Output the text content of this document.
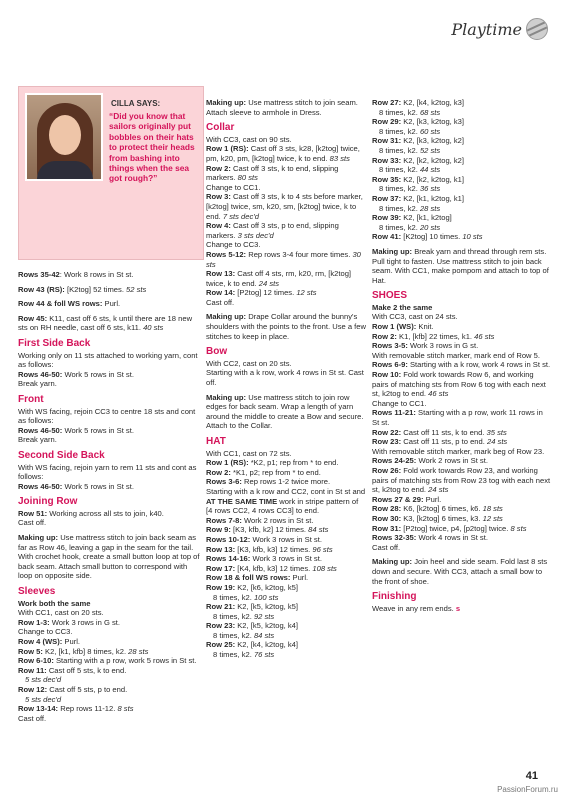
Playtime
CILLA SAYS:
“Did you know that sailors originally put bobbles on their hats to protect their heads from bashing into things when the sea got rough?”

Rows 35-42: Work 8 rows in St st.

Row 43 (RS): [K2tog] 52 times. 52 sts

Row 44 & foll WS rows: Purl.

Row 45: K11, cast off 6 sts, k until there are 18 new sts on RH needle, cast off 6 sts, k11. 40 sts

First Side Back

Working only on 11 sts attached to working yarn, cont as follows:
Rows 46-50: Work 5 rows in St st.
Break yarn.

Front

With WS facing, rejoin CC3 to centre 18 sts and cont as follows:
Rows 46-50: Work 5 rows in St st.
Break yarn.

Second Side Back

With WS facing, rejoin yarn to rem 11 sts and cont as follows:
Rows 46-50: Work 5 rows in St st.

Joining Row

Row 51: Working across all sts to join, k40.
Cast off.

Making up: Use mattress stitch to join back seam as far as Row 46, leaving a gap in the seam for the tail. With crochet hook, create a small button loop at top of back seam. Attach small button to correspond with loop on opposite side.

Sleeves

Work both the same
With CC1, cast on 20 sts.
Row 1-3: Work 3 rows in G st.
Change to CC3.
Row 4 (WS): Purl.
Row 5: K2, [k1, kfb] 8 times, k2. 28 sts
Row 6-10: Starting with a p row, work 5 rows in St st.
Row 11: Cast off 5 sts, k to end.
5 sts dec'd
Row 12: Cast off 5 sts, p to end.
5 sts dec'd
Row 13-14: Rep rows 11-12. 8 sts
Cast off.

Making up: Use mattress stitch to join seam. Attach sleeve to armhole in Dress.

Collar

With CC3, cast on 90 sts.
Row 1 (RS): Cast off 3 sts, k28, [k2tog] twice, pm, k20, pm, [k2tog] twice, k to end. 83 sts
Row 2: Cast off 3 sts, k to end, slipping markers. 80 sts
Change to CC1.
Row 3: Cast off 3 sts, k to 4 sts before marker, [k2tog] twice, sm, k20, sm, [k2tog] twice, k to end. 7 sts dec'd
Row 4: Cast off 3 sts, p to end, slipping markers. 3 sts dec'd
Change to CC3.
Rows 5-12: Rep rows 3-4 four more times. 30 sts
Row 13: Cast off 4 sts, rm, k20, rm, [k2tog] twice, k to end. 24 sts
Row 14: [P2tog] 12 times. 12 sts
Cast off.

Making up: Drape Collar around the bunny's shoulders with the points to the front. Use a few stitches to keep in place.

Bow

With CC2, cast on 20 sts.
Starting with a k row, work 4 rows in St st. Cast off.

Making up: Use mattress stitch to join row edges for back seam. Wrap a length of yarn around the middle to create a Bow and secure. Attach to the Collar.

HAT

With CC1, cast on 72 sts.
Row 1 (RS): *K2, p1; rep from * to end.
Row 2: *K1, p2; rep from * to end.
Rows 3-6: Rep rows 1-2 twice more.
Starting with a k row and CC2, cont in St st and AT THE SAME TIME work in stripe pattern of [4 rows CC2, 4 rows CC3] to end.
Rows 7-8: Work 2 rows in St st.
Row 9: [K3, kfb, k2] 12 times. 84 sts
Rows 10-12: Work 3 rows in St st.
Row 13: [K3, kfb, k3] 12 times. 96 sts
Rows 14-16: Work 3 rows in St st.
Row 17: [K4, kfb, k3] 12 times. 108 sts
Row 18 & foll WS rows: Purl.
Row 19: K2, [k6, k2tog, k5]
8 times, k2. 100 sts
Row 21: K2, [k5, k2tog, k5]
8 times, k2. 92 sts
Row 23: K2, [k5, k2tog, k4]
8 times, k2. 84 sts
Row 25: K2, [k4, k2tog, k4]
8 times, k2. 76 sts

Row 27: K2, [k4, k2tog, k3]
8 times, k2. 68 sts
Row 29: K2, [k3, k2tog, k3]
8 times, k2. 60 sts
Row 31: K2, [k3, k2tog, k2]
8 times, k2. 52 sts
Row 33: K2, [k2, k2tog, k2]
8 times, k2. 44 sts
Row 35: K2, [k2, k2tog, k1]
8 times, k2. 36 sts
Row 37: K2, [k1, k2tog, k1]
8 times, k2. 28 sts
Row 39: K2, [k1, k2tog]
8 times, k2. 20 sts
Row 41: [K2tog] 10 times. 10 sts

Making up: Break yarn and thread through rem sts. Pull tight to fasten. Use mattress stitch to join back seam. With CC1, make pompom and attach to top of Hat.

SHOES

Make 2 the same
With CC3, cast on 24 sts.
Row 1 (WS): Knit.
Row 2: K1, [kfb] 22 times, k1. 46 sts
Rows 3-5: Work 3 rows in G st.
With removable stitch marker, mark end of Row 5.
Rows 6-9: Starting with a k row, work 4 rows in St st.
Row 10: Fold work towards Row 6, and working pairs of matching sts from Row 6 tog with each next st, k2tog to end. 46 sts
Change to CC1.
Rows 11-21: Starting with a p row, work 11 rows in St st.
Row 22: Cast off 11 sts, k to end. 35 sts
Row 23: Cast off 11 sts, p to end. 24 sts
With removable stitch marker, mark beg of Row 23.
Rows 24-25: Work 2 rows in St st.
Row 26: Fold work towards Row 23, and working pairs of matching sts from Row 23 tog with each next st, k2tog to end. 24 sts
Rows 27 & 29: Purl.
Row 28: K6, [k2tog] 6 times, k6. 18 sts
Row 30: K3, [k2tog] 6 times, k3. 12 sts
Row 31: [P2tog] twice, p4, [p2tog] twice. 8 sts
Rows 32-35: Work 4 rows in St st.
Cast off.

Making up: Join heel and side seam. Fold last 8 sts down and secure. With CC3, attach a small bow to the front of shoe.

Finishing

Weave in any rem ends. s

41
PassionForum.ru
